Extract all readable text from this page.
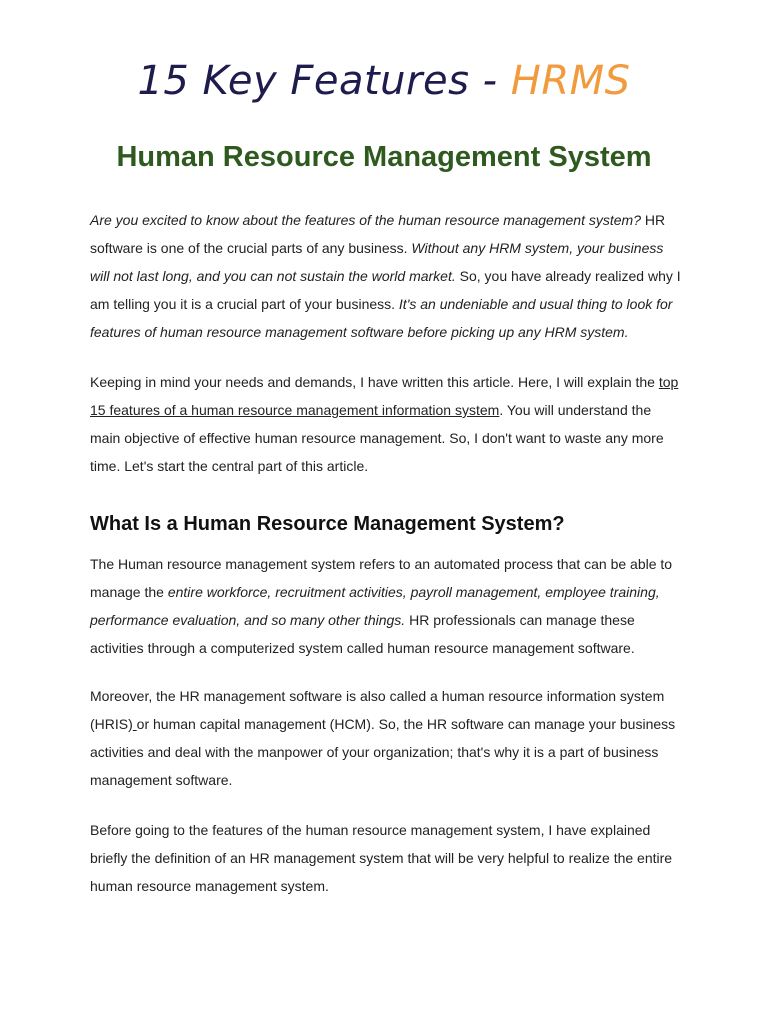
15 Key Features - HRMS
Human Resource Management System

Are you excited to know about the features of the human resource management system? HR software is one of the crucial parts of any business. Without any HRM system, your business will not last long, and you can not sustain the world market. So, you have already realized why I am telling you it is a crucial part of your business. It's an undeniable and usual thing to look for features of human resource management software before picking up any HRM system.

Keeping in mind your needs and demands, I have written this article. Here, I will explain the top 15 features of a human resource management information system. You will understand the main objective of effective human resource management. So, I don't want to waste any more time. Let's start the central part of this article.

What Is a Human Resource Management System?

The Human resource management system refers to an automated process that can be able to manage the entire workforce, recruitment activities, payroll management, employee training, performance evaluation, and so many other things. HR professionals can manage these activities through a computerized system called human resource management software.

Moreover, the HR management software is also called a human resource information system (HRIS) or human capital management (HCM). So, the HR software can manage your business activities and deal with the manpower of your organization; that's why it is a part of business management software.

Before going to the features of the human resource management system, I have explained briefly the definition of an HR management system that will be very helpful to realize the entire human resource management system.
